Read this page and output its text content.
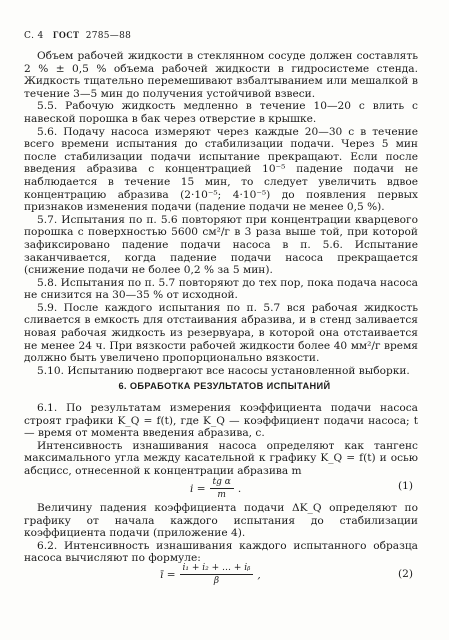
С. 4 ГОСТ 2785—88

Объем рабочей жидкости в стеклянном сосуде должен составлять 2 % ± 0,5 % объема рабочей жидкости в гидросистеме стенда. Жидкость тщательно перемешивают взбалтыванием или мешалкой в течение 3—5 мин до получения устойчивой взвеси.

5.5. Рабочую жидкость медленно в течение 10—20 с влить с навеской порошка в бак через отверстие в крышке.

5.6. Подачу насоса измеряют через каждые 20—30 с в течение всего времени испытания до стабилизации подачи. Через 5 мин после стабилизации подачи испытание прекращают. Если после введения абразива с концентрацией 10⁻⁵ падение подачи не наблюдается в течение 15 мин, то следует увеличить вдвое концентрацию абразива (2·10⁻⁵; 4·10⁻⁵) до появления первых признаков изменения подачи (падение подачи не менее 0,5 %).

5.7. Испытания по п. 5.6 повторяют при концентрации кварцевого порошка с поверхностью 5600 см²/г в 3 раза выше той, при которой зафиксировано падение подачи насоса в п. 5.6. Испытание заканчивается, когда падение подачи насоса прекращается (снижение подачи не более 0,2 % за 5 мин).

5.8. Испытания по п. 5.7 повторяют до тех пор, пока подача насоса не снизится на 30—35 % от исходной.

5.9. После каждого испытания по п. 5.7 вся рабочая жидкость сливается в емкость для отстаивания абразива, и в стенд заливается новая рабочая жидкость из резервуара, в которой она отстаивается не менее 24 ч. При вязкости рабочей жидкости более 40 мм²/г время должно быть увеличено пропорционально вязкости.

5.10. Испытанию подвергают все насосы установленной выборки.

6. ОБРАБОТКА РЕЗУЛЬТАТОВ ИСПЫТАНИЙ

6.1. По результатам измерения коэффициента подачи насоса строят графики K_Q = f(t), где K_Q — коэффициент подачи насоса; t — время от момента введения абразива, с.

Интенсивность изнашивания насоса определяют как тангенс максимального угла между касательной к графику K_Q = f(t) и осью абсцисс, отнесенной к концентрации абразива m

$i = \frac{\text{tg α}}{m}$ .	(1)

Величину падения коэффициента подачи ΔK_Q определяют по графику от начала каждого испытания до стабилизации коэффициента подачи (приложение 4).

6.2. Интенсивность изнашивания каждого испытанного образца насоса вычисляют по формуле:

ī = $\frac{\text{i₁ + i₂ + … + iᵦ}}{\beta}$ ,	(2)
